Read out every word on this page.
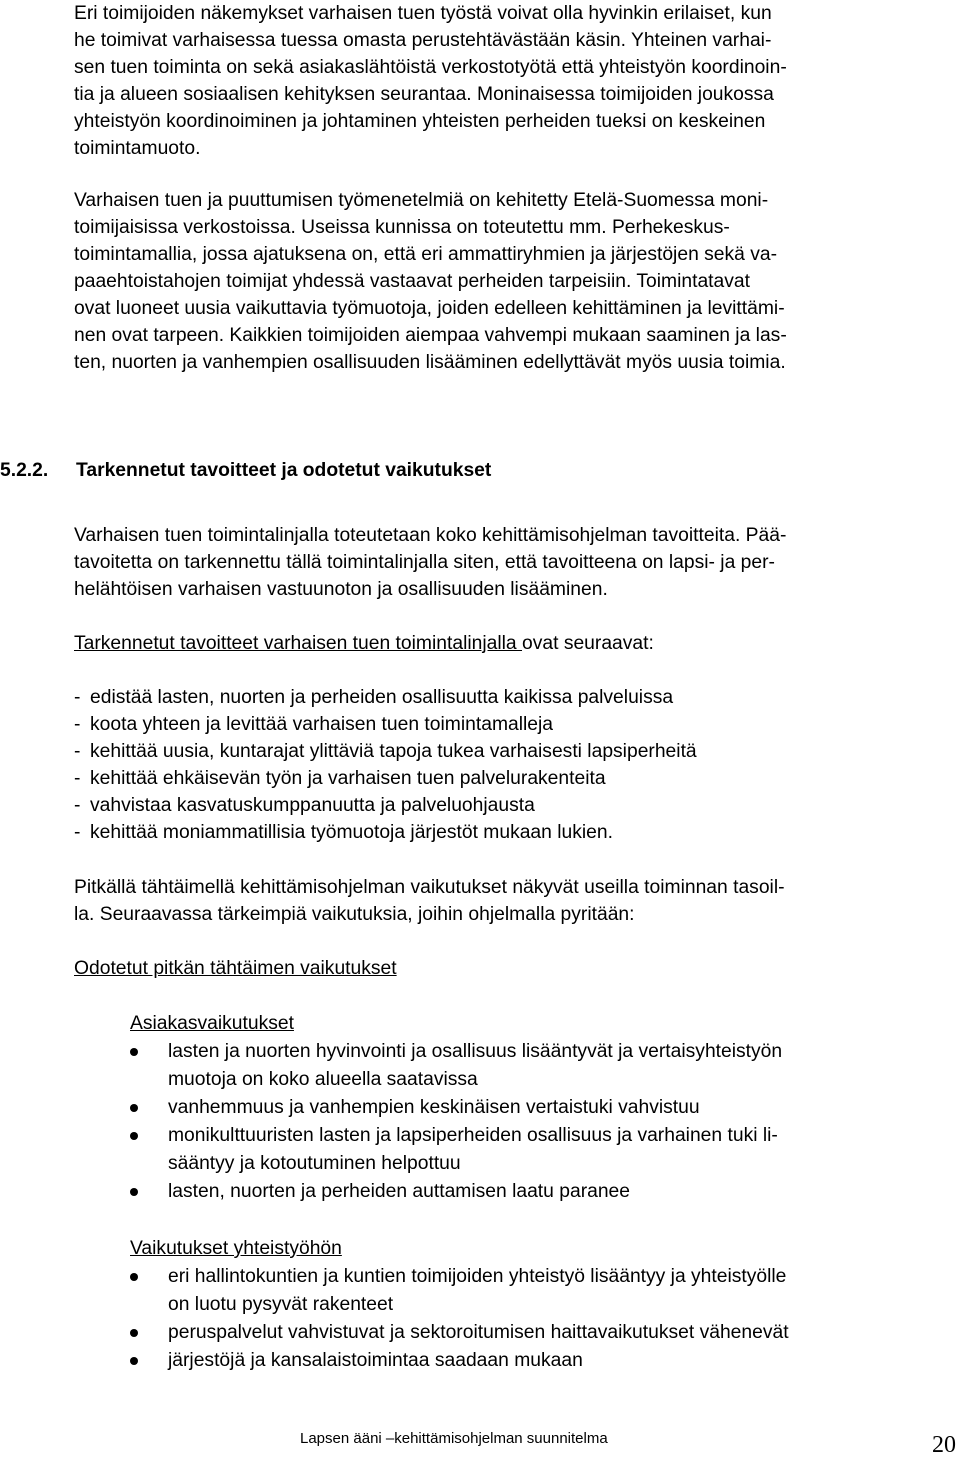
Eri toimijoiden näkemykset varhaisen tuen työstä voivat olla hyvinkin erilaiset, kun

he toimivat varhaisessa tuessa omasta perustehtävästään käsin. Yhteinen varhai-

sen tuen toiminta on sekä asiakaslähtöistä verkostotyötä että yhteistyön koordinoin-

tia ja alueen sosiaalisen kehityksen seurantaa. Moninaisessa toimijoiden joukossa

yhteistyön koordinoiminen ja johtaminen yhteisten perheiden tueksi on keskeinen

toimintamuoto.

Varhaisen tuen ja puuttumisen työmenetelmiä on kehitetty Etelä-Suomessa moni-

toimijaisissa verkostoissa. Useissa kunnissa on toteutettu mm. Perhekeskus-

toimintamallia, jossa ajatuksena on, että eri ammattiryhmien ja järjestöjen sekä va-

paaehtoistahojen toimijat yhdessä vastaavat perheiden tarpeisiin. Toimintatavat

ovat luoneet uusia vaikuttavia työmuotoja, joiden edelleen kehittäminen ja levittämi-

nen ovat tarpeen. Kaikkien toimijoiden aiempaa vahvempi mukaan saaminen ja las-

ten, nuorten ja vanhempien osallisuuden lisääminen edellyttävät myös uusia toimia.

5.2.2. Tarkennetut tavoitteet ja odotetut vaikutukset

Varhaisen tuen toimintalinjalla toteutetaan koko kehittämisohjelman tavoitteita. Pää-

tavoitetta on tarkennettu tällä toimintalinjalla siten, että tavoitteena on lapsi- ja per-

helähtöisen varhaisen vastuunoton ja osallisuuden lisääminen.

Tarkennetut tavoitteet varhaisen tuen toimintalinjalla ovat seuraavat:

- edistää lasten, nuorten ja perheiden osallisuutta kaikissa palveluissa
- koota yhteen ja levittää varhaisen tuen toimintamalleja
- kehittää uusia, kuntarajat ylittäviä tapoja tukea varhaisesti lapsiperheitä
- kehittää ehkäisevän työn ja varhaisen tuen palvelurakenteita
- vahvistaa kasvatuskumppanuutta ja palveluohjausta
- kehittää moniammatillisia työmuotoja järjestöt mukaan lukien.

Pitkällä tähtäimellä kehittämisohjelman vaikutukset näkyvät useilla toiminnan tasoil-

la. Seuraavassa tärkeimpiä vaikutuksia, joihin ohjelmalla pyritään:

Odotetut pitkän tähtäimen vaikutukset

Asiakasvaikutukset

lasten ja nuorten hyvinvointi ja osallisuus lisääntyvät ja vertaisyhteistyön
muotoja on koko alueella saatavissa
vanhemmuus ja vanhempien keskinäisen vertaistuki vahvistuu
monikulttuuristen lasten ja lapsiperheiden osallisuus ja varhainen tuki li-
sääntyy ja kotoutuminen helpottuu
lasten, nuorten ja perheiden auttamisen laatu paranee

Vaikutukset yhteistyöhön

eri hallintokuntien ja kuntien toimijoiden yhteistyö lisääntyy ja yhteistyölle
on luotu pysyvät rakenteet
peruspalvelut vahvistuvat ja sektoroitumisen haittavaikutukset vähenevät
järjestöjä ja kansalaistoimintaa saadaan mukaan
Lapsen ääni –kehittämisohjelman suunnitelma	20
